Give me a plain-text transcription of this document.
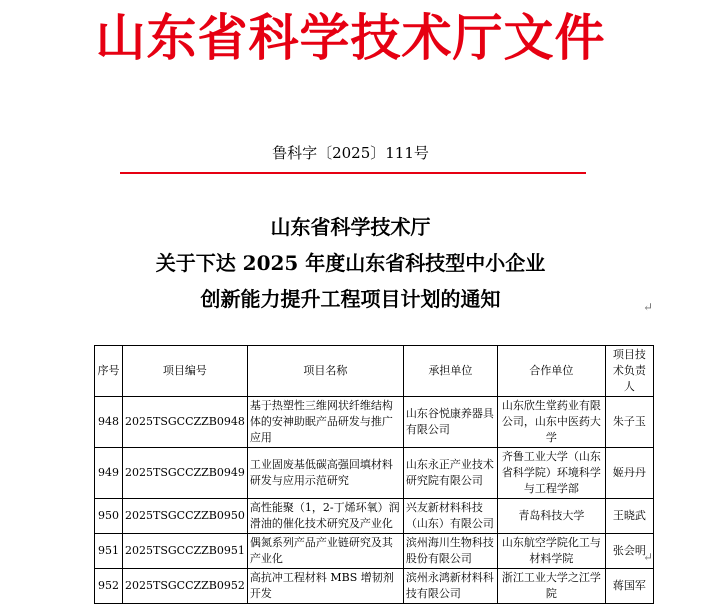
山东省科学技术厅文件
鲁科字〔2025〕111号
山东省科学技术厅
关于下达 2025 年度山东省科技型中小企业
创新能力提升工程项目计划的通知	↵
序号	项目编号	项目名称	承担单位	合作单位	项目技术负责人
948	2025TSGCCZZB0948	基于热塑性三维网状纤维结构体的安神助眠产品研发与推广应用	山东谷悦康养器具有限公司	山东欣生堂药业有限公司，山东中医药大学	朱子玉
949	2025TSGCCZZB0949	工业固废基低碳高强回填材料研发与应用示范研究	山东永正产业技术研究院有限公司	齐鲁工业大学（山东省科学院）环境科学与工程学部	姬丹丹
950	2025TSGCCZZB0950	高性能聚（1，2-丁烯环氧）润滑油的催化技术研究及产业化	兴友新材料科技（山东）有限公司	青岛科技大学	王晓武
951	2025TSGCCZZB0951	偶氮系列产品产业链研究及其产业化	滨州海川生物科技股份有限公司	山东航空学院化工与材料学院	张会明
952	2025TSGCCZZB0952	高抗冲工程材料 MBS 增韧剂开发	滨州永鸿新材料科技有限公司	浙江工业大学之江学院	蒋国军
↵
